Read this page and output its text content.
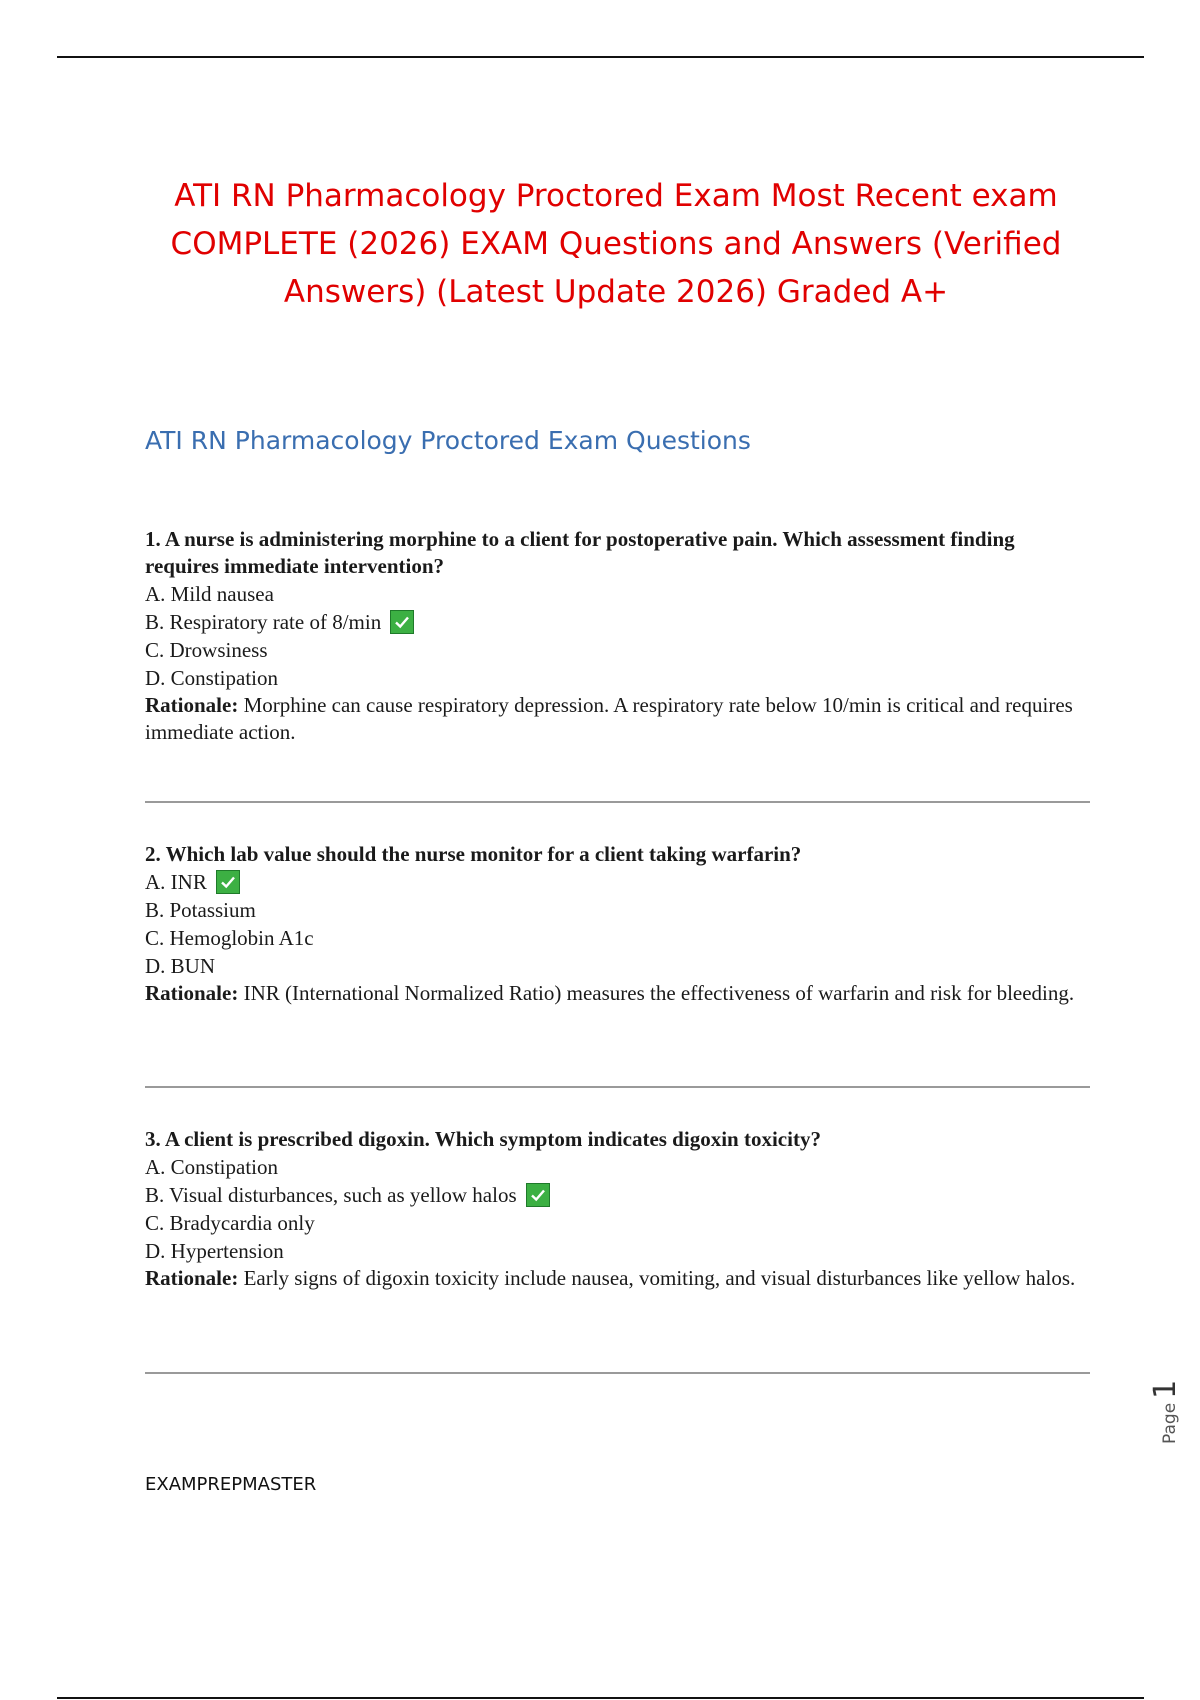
ATI RN Pharmacology Proctored Exam Most Recent exam
COMPLETE (2026) EXAM Questions and Answers (Verified
Answers) (Latest Update 2026) Graded A+
ATI RN Pharmacology Proctored Exam Questions

1. A nurse is administering morphine to a client for postoperative pain. Which assessment finding requires immediate intervention?

A. Mild nausea
B. Respiratory rate of 8/min
C. Drowsiness
D. Constipation

Rationale: Morphine can cause respiratory depression. A respiratory rate below 10/min is critical and requires immediate action.

2. Which lab value should the nurse monitor for a client taking warfarin?

A. INR
B. Potassium
C. Hemoglobin A1c
D. BUN

Rationale: INR (International Normalized Ratio) measures the effectiveness of warfarin and risk for bleeding.

3. A client is prescribed digoxin. Which symptom indicates digoxin toxicity?

A. Constipation
B. Visual disturbances, such as yellow halos
C. Bradycardia only
D. Hypertension

Rationale: Early signs of digoxin toxicity include nausea, vomiting, and visual disturbances like yellow halos.

EXAMPREPMASTER
Page1
